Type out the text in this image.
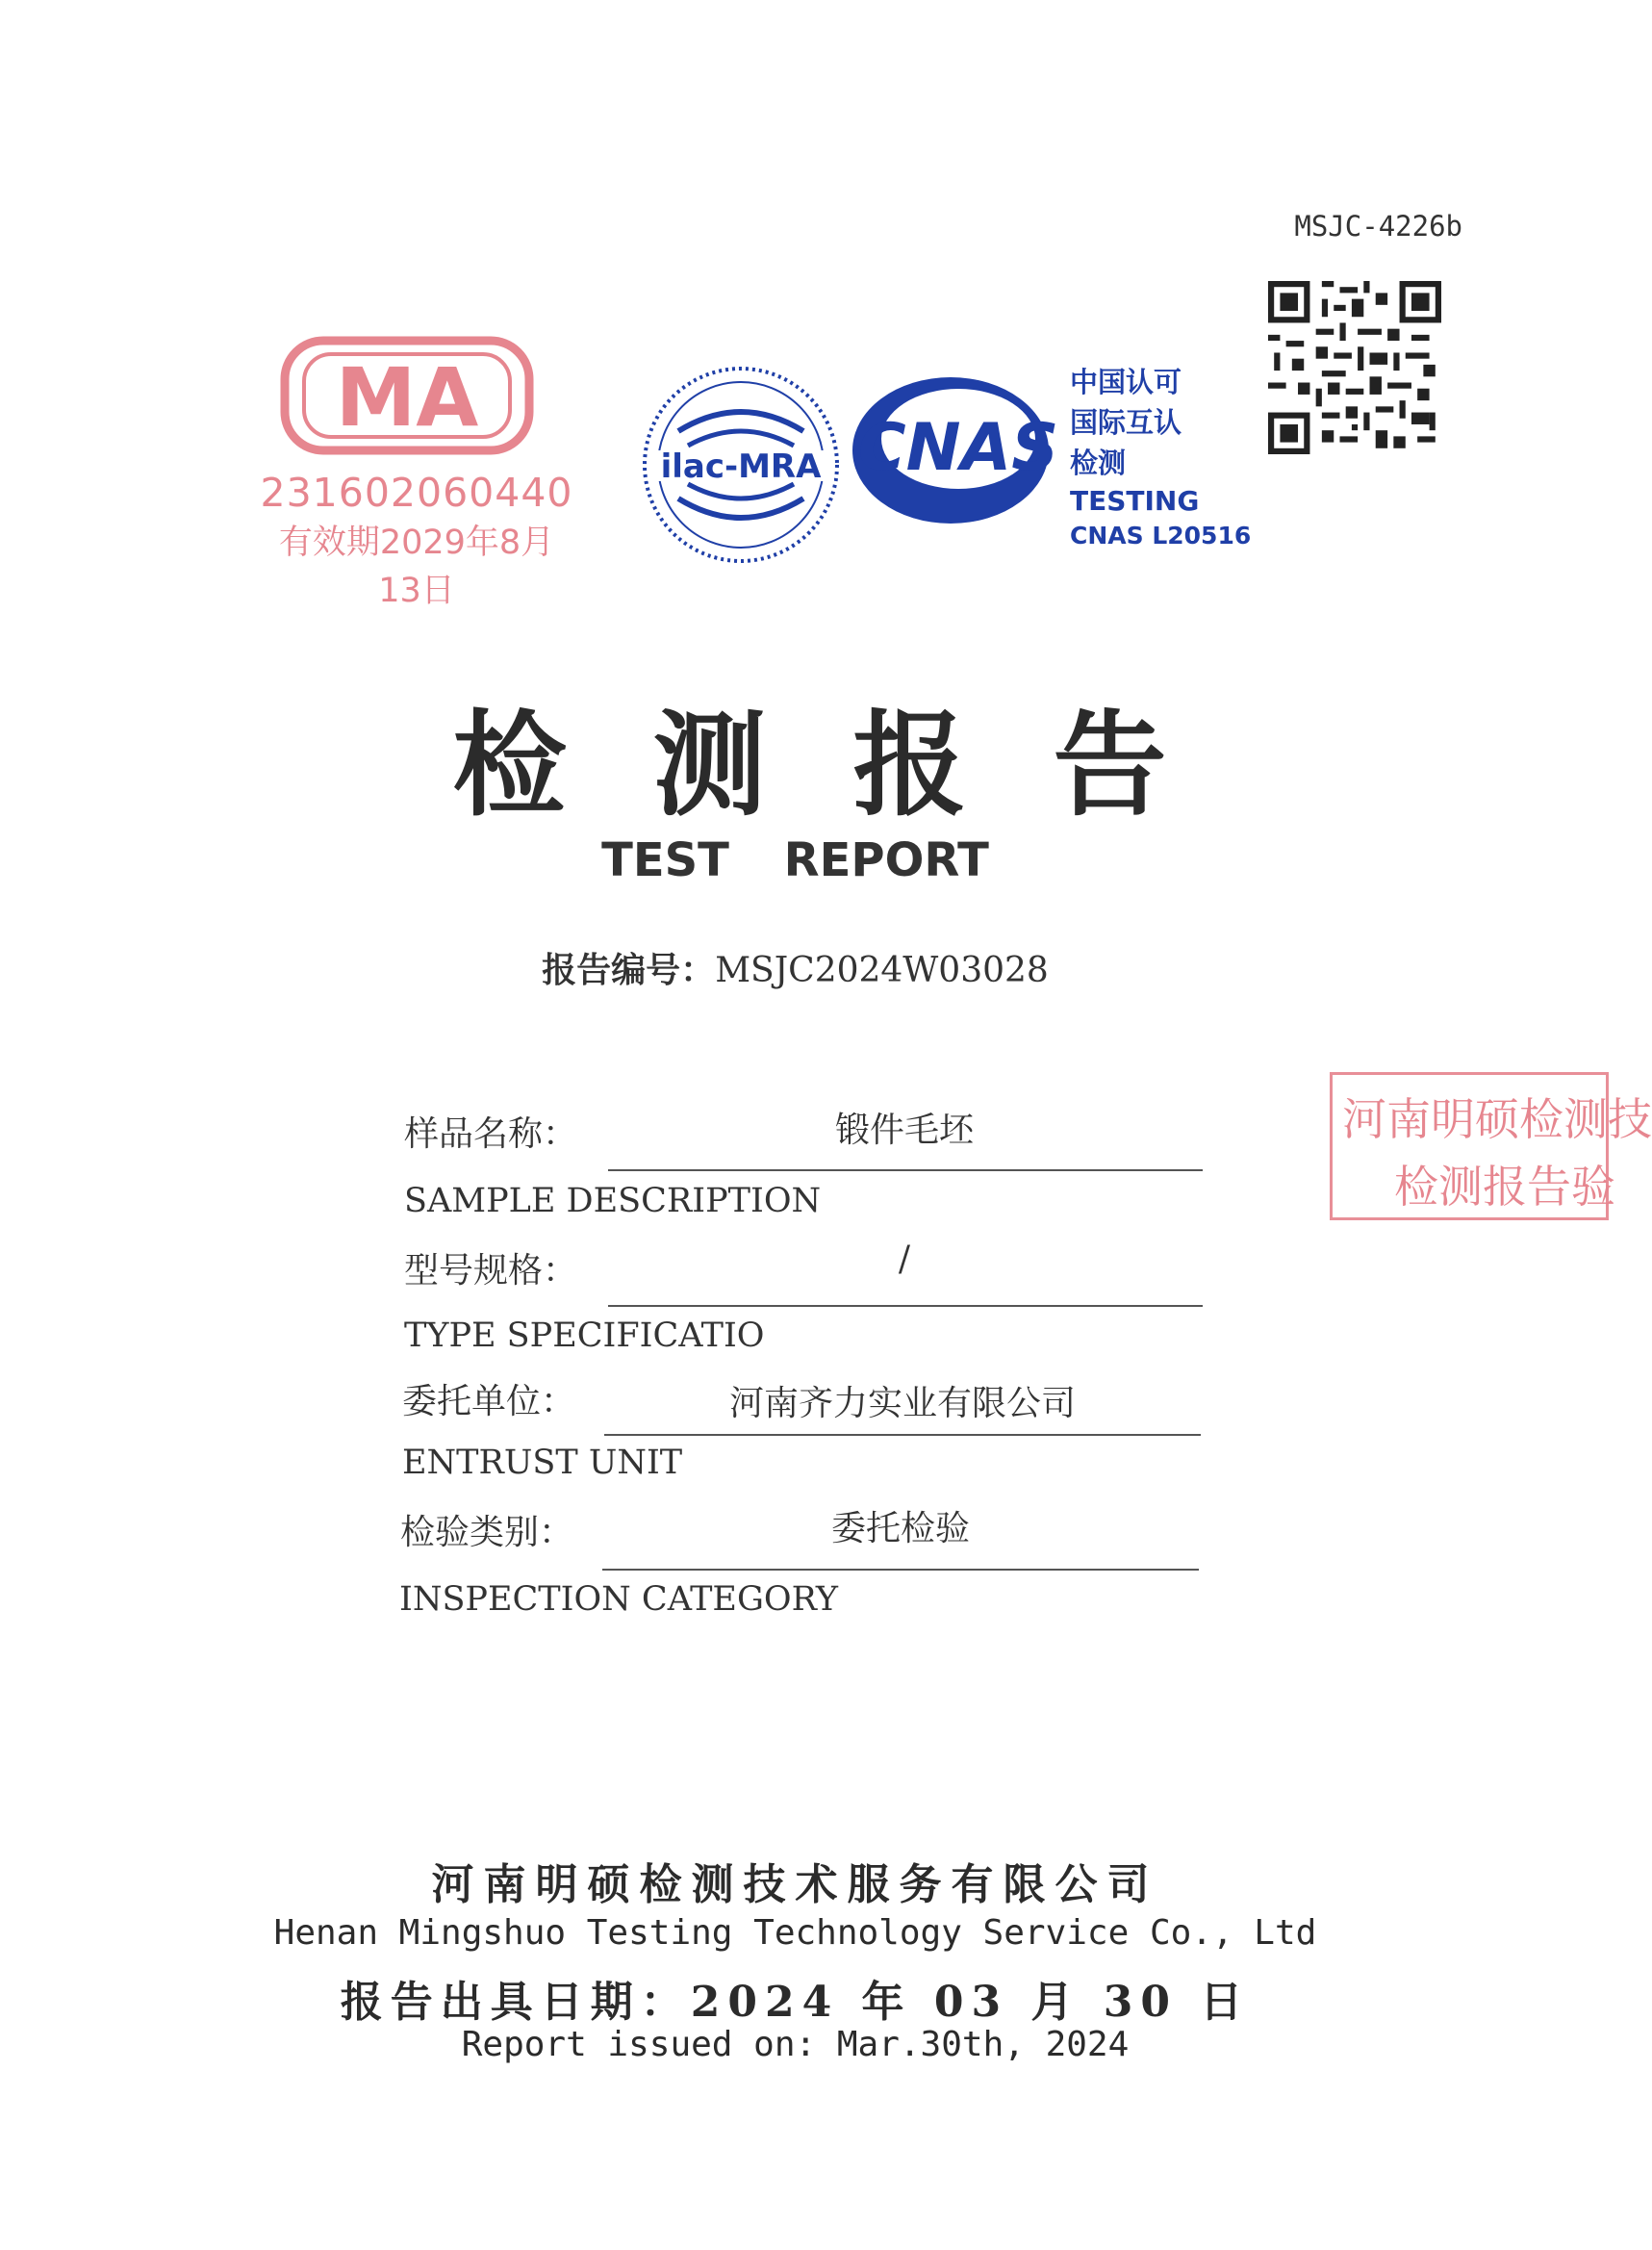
MSJC-4226b
MA
231602060440
有效期2029年8月13日
ilac-MRA CNAS
中国认可
国际互认
检测
TESTING
CNAS L20516
检测报告
TEST REPORT
报告编号：MSJC2024W03028
样品名称：	锻件毛坯
SAMPLE DESCRIPTION
型号规格：	/
TYPE SPECIFICATIO
委托单位：	河南齐力实业有限公司
ENTRUST UNIT
检验类别：	委托检验
INSPECTION CATEGORY
河南明硕检测技
检测报告验
河南明硕检测技术服务有限公司
Henan Mingshuo Testing Technology Service Co., Ltd
报告出具日期：2024 年 03 月 30 日
Report issued on: Mar.30th, 2024
